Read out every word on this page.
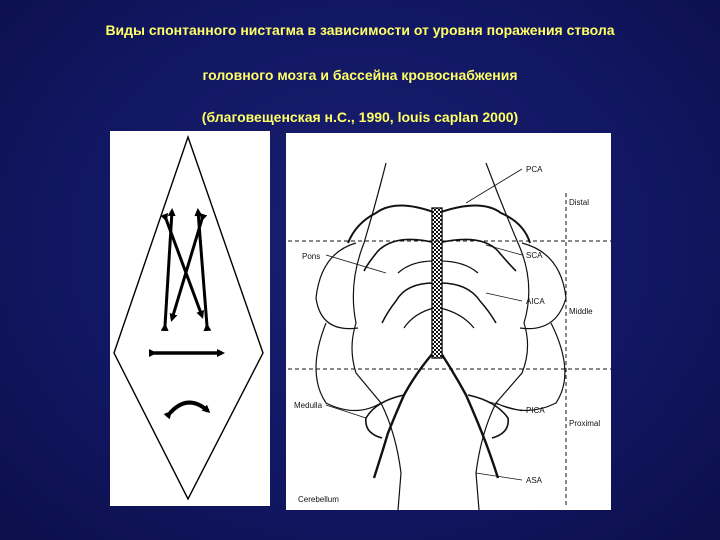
Виды спонтанного нистагма в зависимости от уровня поражения ствола
головного мозга и бассейна кровоснабжения
(благовещенская н.С., 1990, louis caplan 2000)
PCA
Distal
Pons	SCA
AICA
Middle
Medulla
PICA
Proximal
ASA
Cerebellum
